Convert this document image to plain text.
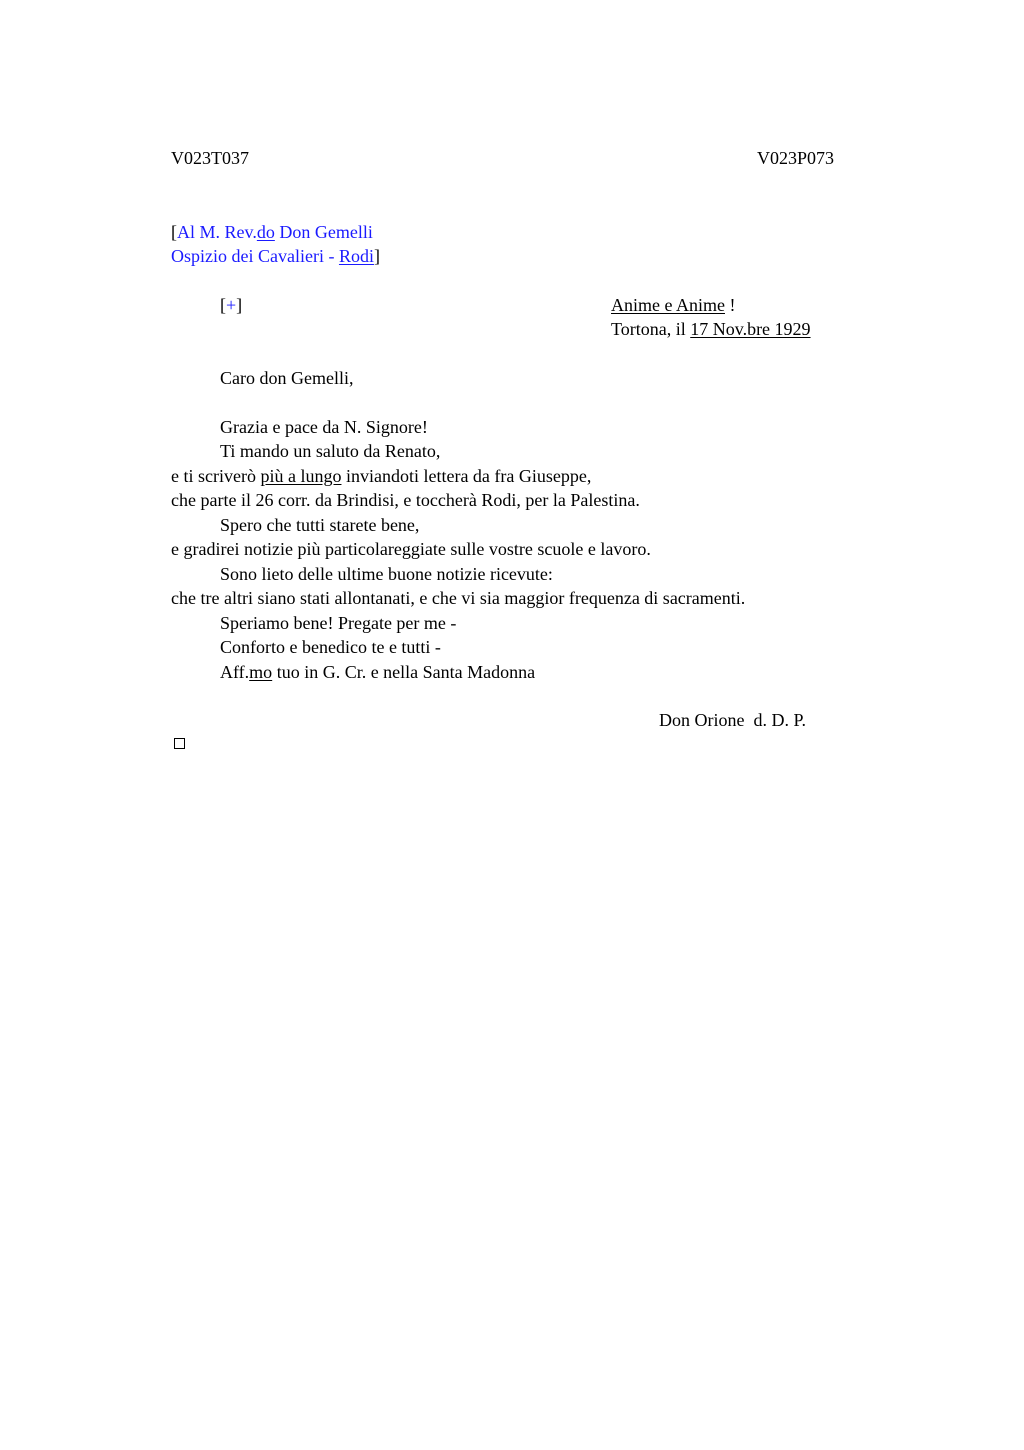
V023T037	V023P073
[Al M. Rev.do Don Gemelli
Ospizio dei Cavalieri - Rodi]
[+]	Anime e Anime !
Tortona, il 17 Nov.bre 1929
Caro don Gemelli,
Grazia e pace da N. Signore!
Ti mando un saluto da Renato,
e ti scriverò più a lungo inviandoti lettera da fra Giuseppe,
che parte il 26 corr. da Brindisi, e toccherà Rodi, per la Palestina.
Spero che tutti starete bene,
e gradirei notizie più particolareggiate sulle vostre scuole e lavoro.
Sono lieto delle ultime buone notizie ricevute:
che tre altri siano stati allontanati, e che vi sia maggior frequenza di sacramenti.
Speriamo bene! Pregate per me -
Conforto e benedico te e tutti -
Aff.mo tuo in G. Cr. e nella Santa Madonna
Don Orione  d. D. P.
